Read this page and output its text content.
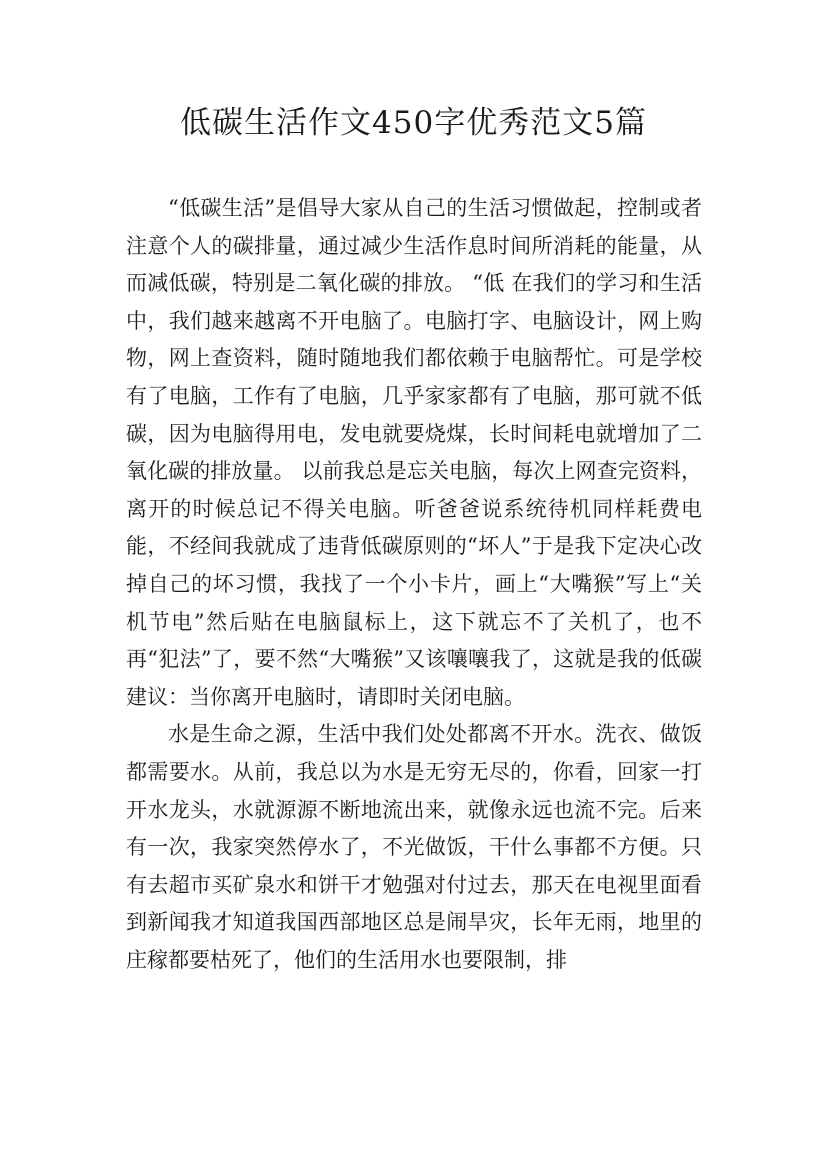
低碳生活作文450字优秀范文5篇

“低碳生活”是倡导大家从自己的生活习惯做起，控制或者注意个人的碳排量，通过减少生活作息时间所消耗的能量，从而减低碳，特别是二氧化碳的排放。 “低 在我们的学习和生活中，我们越来越离不开电脑了。电脑打字、电脑设计，网上购物，网上查资料，随时随地我们都依赖于电脑帮忙。可是学校有了电脑，工作有了电脑，几乎家家都有了电脑，那可就不低碳，因为电脑得用电，发电就要烧煤，长时间耗电就增加了二氧化碳的排放量。 以前我总是忘关电脑，每次上网查完资料，离开的时候总记不得关电脑。听爸爸说系统待机同样耗费电能，不经间我就成了违背低碳原则的“坏人”于是我下定决心改掉自己的坏习惯，我找了一个小卡片，画上“大嘴猴”写上“关机节电”然后贴在电脑鼠标上，这下就忘不了关机了，也不再“犯法”了，要不然“大嘴猴”又该嚷嚷我了，这就是我的低碳建议：当你离开电脑时，请即时关闭电脑。

水是生命之源，生活中我们处处都离不开水。洗衣、做饭都需要水。从前，我总以为水是无穷无尽的，你看，回家一打开水龙头，水就源源不断地流出来，就像永远也流不完。后来有一次，我家突然停水了，不光做饭，干什么事都不方便。只有去超市买矿泉水和饼干才勉强对付过去，那天在电视里面看到新闻我才知道我国西部地区总是闹旱灾，长年无雨，地里的庄稼都要枯死了，他们的生活用水也要限制，排
